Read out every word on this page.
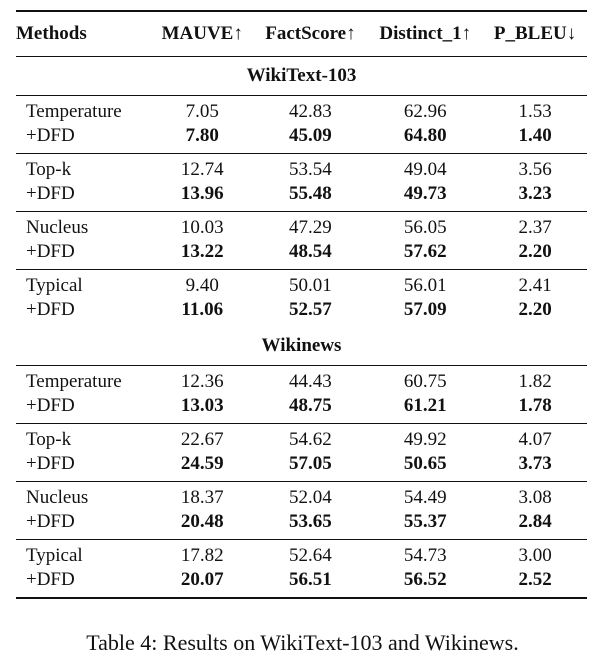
Methods	MAUVE↑	FactScore↑	Distinct_1↑	P_BLEU↓
WikiText-103				
Temperature	7.05	42.83	62.96	1.53
+DFD	7.80	45.09	64.80	1.40
Top-k	12.74	53.54	49.04	3.56
+DFD	13.96	55.48	49.73	3.23
Nucleus	10.03	47.29	56.05	2.37
+DFD	13.22	48.54	57.62	2.20
Typical	9.40	50.01	56.01	2.41
+DFD	11.06	52.57	57.09	2.20
Wikinews				
Temperature	12.36	44.43	60.75	1.82
+DFD	13.03	48.75	61.21	1.78
Top-k	22.67	54.62	49.92	4.07
+DFD	24.59	57.05	50.65	3.73
Nucleus	18.37	52.04	54.49	3.08
+DFD	20.48	53.65	55.37	2.84
Typical	17.82	52.64	54.73	3.00
+DFD	20.07	56.51	56.52	2.52
Table 4: Results on WikiText-103 and Wikinews.
